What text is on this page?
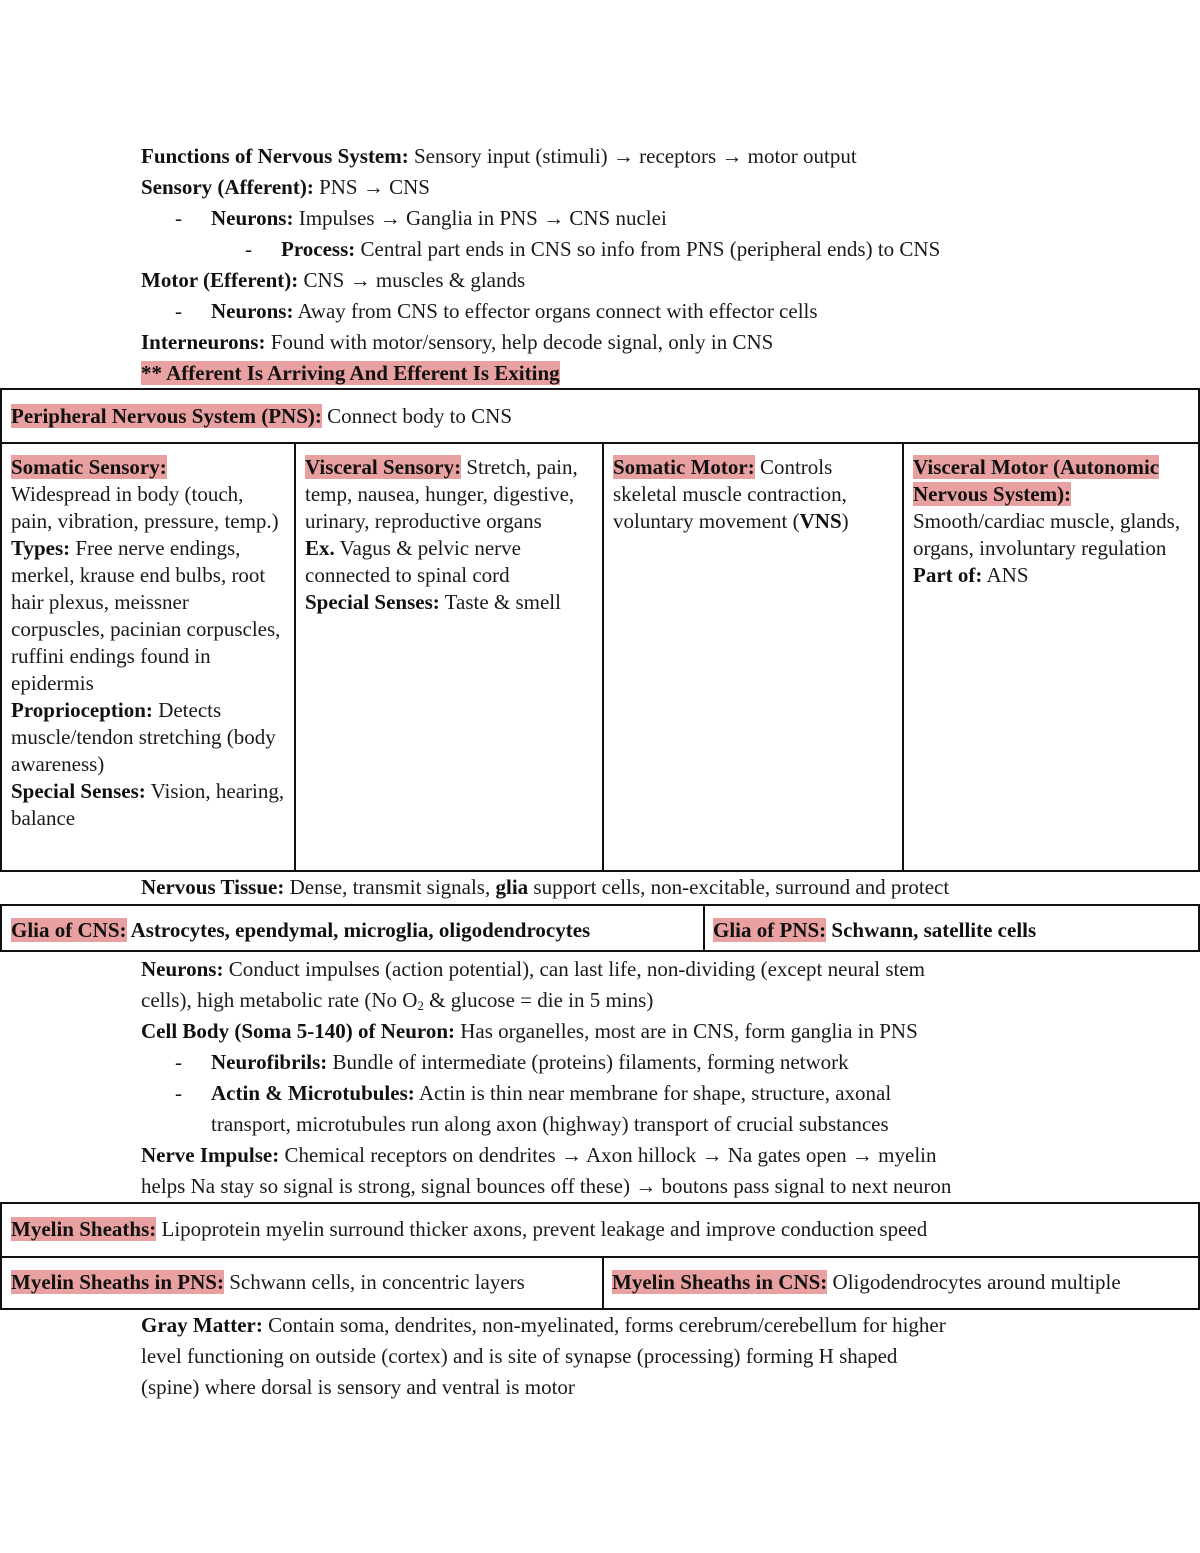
Functions of Nervous System: Sensory input (stimuli) → receptors → motor output
Sensory (Afferent): PNS → CNS
- Neurons: Impulses → Ganglia in PNS → CNS nuclei
- Process: Central part ends in CNS so info from PNS (peripheral ends) to CNS
Motor (Efferent): CNS → muscles & glands
- Neurons: Away from CNS to effector organs connect with effector cells
Interneurons: Found with motor/sensory, help decode signal, only in CNS
** Afferent Is Arriving And Efferent Is Exiting
Peripheral Nervous System (PNS): Connect body to CNS
Somatic Sensory:
Widespread in body (touch, pain, vibration, pressure, temp.)
Types: Free nerve endings, merkel, krause end bulbs, root hair plexus, meissner corpuscles, pacinian corpuscles, ruffini endings found in epidermis
Proprioception: Detects muscle/tendon stretching (body awareness)
Special Senses: Vision, hearing, balance
Visceral Sensory: Stretch, pain, temp, nausea, hunger, digestive, urinary, reproductive organs
Ex. Vagus & pelvic nerve connected to spinal cord
Special Senses: Taste & smell
Somatic Motor: Controls skeletal muscle contraction, voluntary movement (VNS)
Visceral Motor (Autonomic Nervous System):
Smooth/cardiac muscle, glands, organs, involuntary regulation
Part of: ANS
Nervous Tissue: Dense, transmit signals, glia support cells, non-excitable, surround and protect
Glia of CNS: Astrocytes, ependymal, microglia, oligodendrocytes	Glia of PNS: Schwann, satellite cells
Neurons: Conduct impulses (action potential), can last life, non-dividing (except neural stem
cells), high metabolic rate (No $O_2$ & glucose = die in 5 mins)
Cell Body (Soma 5-140) of Neuron: Has organelles, most are in CNS, form ganglia in PNS
- Neurofibrils: Bundle of intermediate (proteins) filaments, forming network
- Actin & Microtubules: Actin is thin near membrane for shape, structure, axonal
transport, microtubules run along axon (highway) transport of crucial substances
Nerve Impulse: Chemical receptors on dendrites → Axon hillock → Na gates open → myelin
helps Na stay so signal is strong, signal bounces off these) → boutons pass signal to next neuron
Myelin Sheaths: Lipoprotein myelin surround thicker axons, prevent leakage and improve conduction speed
Myelin Sheaths in PNS: Schwann cells, in concentric layers	Myelin Sheaths in CNS: Oligodendrocytes around multiple
Gray Matter: Contain soma, dendrites, non-myelinated, forms cerebrum/cerebellum for higher
level functioning on outside (cortex) and is site of synapse (processing) forming H shaped
(spine) where dorsal is sensory and ventral is motor
